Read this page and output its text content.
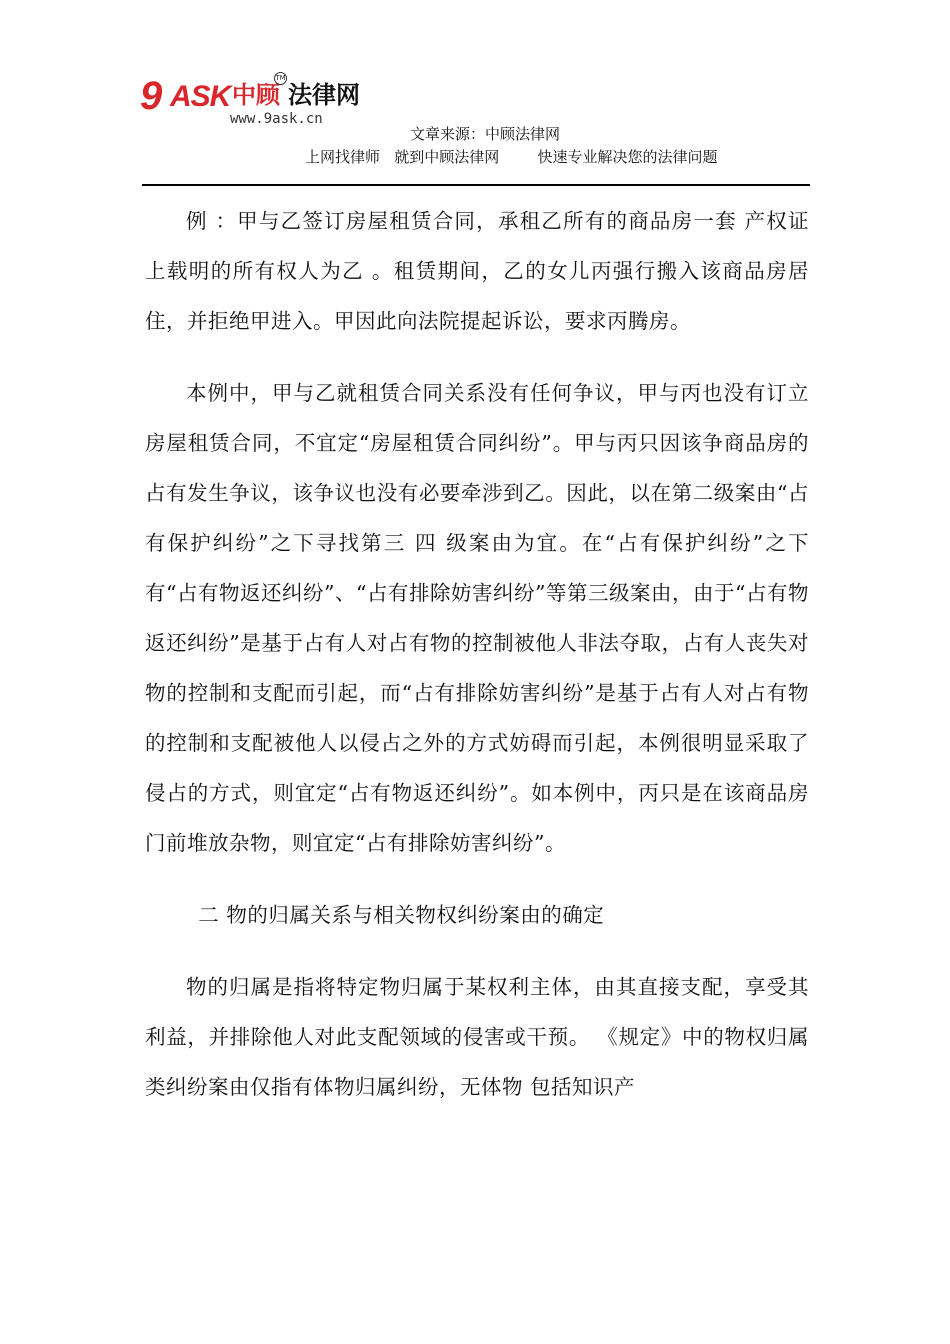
9 ASK 中顾
TM
法律网
www.9ask.cn
文章来源：中顾法律网
上网找律师   就到中顾法律网        快速专业解决您的法律问题

例 ：甲与乙签订房屋租赁合同，承租乙所有的商品房一套 产权证上载明的所有权人为乙 。租赁期间，乙的女儿丙强行搬入该商品房居住，并拒绝甲进入。甲因此向法院提起诉讼，要求丙腾房。

本例中，甲与乙就租赁合同关系没有任何争议，甲与丙也没有订立房屋租赁合同，不宜定“房屋租赁合同纠纷”。甲与丙只因该争商品房的占有发生争议，该争议也没有必要牵涉到乙。因此，以在第二级案由“占有保护纠纷”之下寻找第三 四 级案由为宜。在“占有保护纠纷”之下有“占有物返还纠纷”、“占有排除妨害纠纷”等第三级案由，由于“占有物返还纠纷”是基于占有人对占有物的控制被他人非法夺取，占有人丧失对物的控制和支配而引起，而“占有排除妨害纠纷”是基于占有人对占有物的控制和支配被他人以侵占之外的方式妨碍而引起，本例很明显采取了侵占的方式，则宜定“占有物返还纠纷”。如本例中，丙只是在该商品房门前堆放杂物，则宜定“占有排除妨害纠纷”。

二 物的归属关系与相关物权纠纷案由的确定

物的归属是指将特定物归属于某权利主体，由其直接支配，享受其利益，并排除他人对此支配领域的侵害或干预。 《规定》中的物权归属类纠纷案由仅指有体物归属纠纷，无体物 包括知识产
